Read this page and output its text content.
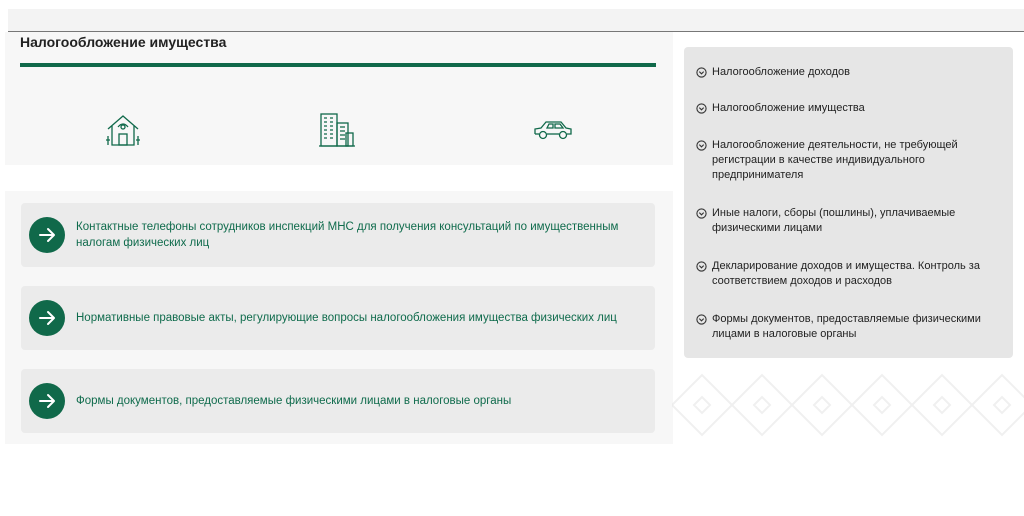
Налогообложение имущества
Контактные телефоны сотрудников инспекций МНС для получения консультаций по имущественным налогам физических лиц
Нормативные правовые акты, регулирующие вопросы налогообложения имущества физических лиц
Формы документов, предоставляемые физическими лицами в налоговые органы
Налогообложение доходов
Налогообложение имущества
Налогообложение деятельности, не требующей регистрации в качестве индивидуального предпринимателя
Иные налоги, сборы (пошлины), уплачиваемые физическими лицами
Декларирование доходов и имущества. Контроль за соответствием доходов и расходов
Формы документов, предоставляемые физическими лицами в налоговые органы
